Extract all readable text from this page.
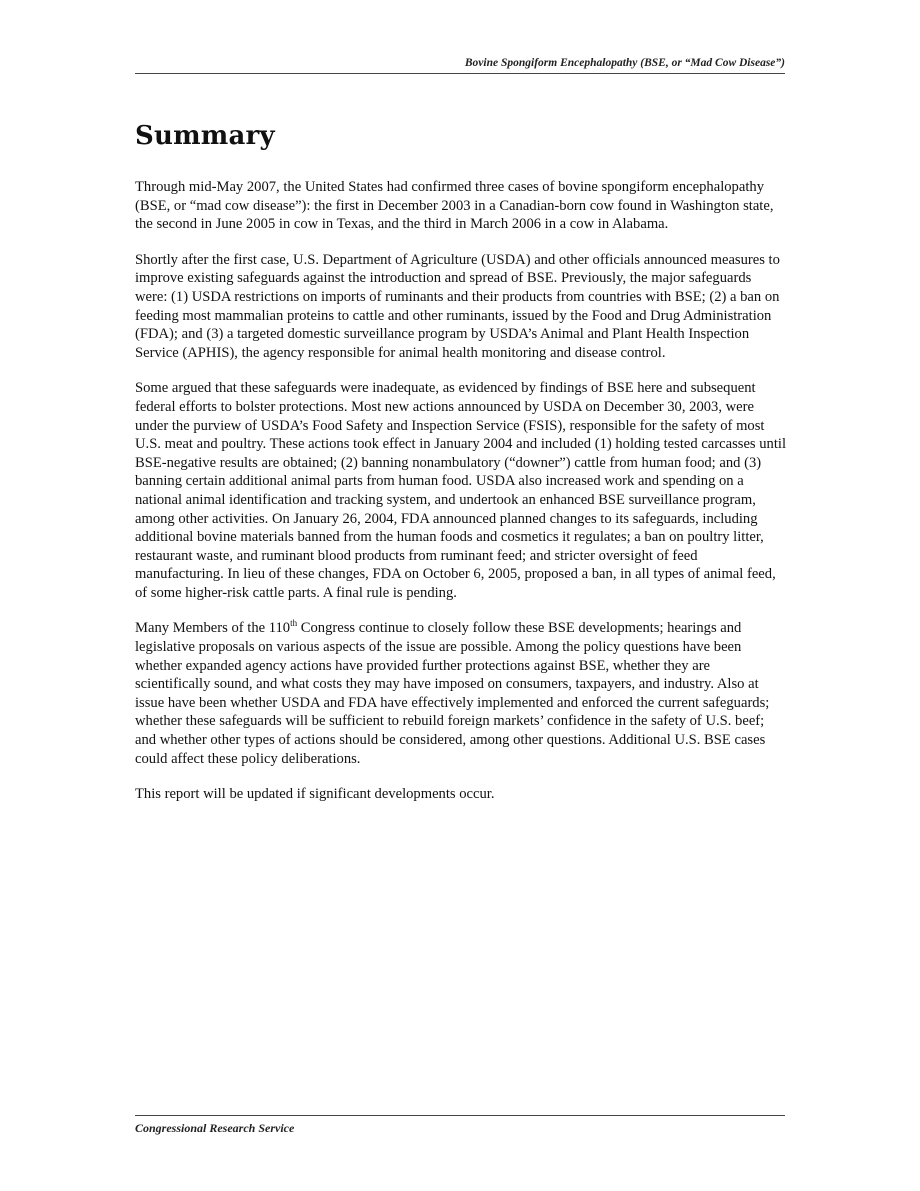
Bovine Spongiform Encephalopathy (BSE, or “Mad Cow Disease”)
Summary

Through mid-May 2007, the United States had confirmed three cases of bovine spongiform encephalopathy (BSE, or “mad cow disease”): the first in December 2003 in a Canadian-born cow found in Washington state, the second in June 2005 in cow in Texas, and the third in March 2006 in a cow in Alabama.

Shortly after the first case, U.S. Department of Agriculture (USDA) and other officials announced measures to improve existing safeguards against the introduction and spread of BSE. Previously, the major safeguards were: (1) USDA restrictions on imports of ruminants and their products from countries with BSE; (2) a ban on feeding most mammalian proteins to cattle and other ruminants, issued by the Food and Drug Administration (FDA); and (3) a targeted domestic surveillance program by USDA’s Animal and Plant Health Inspection Service (APHIS), the agency responsible for animal health monitoring and disease control.

Some argued that these safeguards were inadequate, as evidenced by findings of BSE here and subsequent federal efforts to bolster protections. Most new actions announced by USDA on December 30, 2003, were under the purview of USDA’s Food Safety and Inspection Service (FSIS), responsible for the safety of most U.S. meat and poultry. These actions took effect in January 2004 and included (1) holding tested carcasses until BSE-negative results are obtained; (2) banning nonambulatory (“downer”) cattle from human food; and (3) banning certain additional animal parts from human food. USDA also increased work and spending on a national animal identification and tracking system, and undertook an enhanced BSE surveillance program, among other activities. On January 26, 2004, FDA announced planned changes to its safeguards, including additional bovine materials banned from the human foods and cosmetics it regulates; a ban on poultry litter, restaurant waste, and ruminant blood products from ruminant feed; and stricter oversight of feed manufacturing. In lieu of these changes, FDA on October 6, 2005, proposed a ban, in all types of animal feed, of some higher-risk cattle parts. A final rule is pending.

Many Members of the 110th Congress continue to closely follow these BSE developments; hearings and legislative proposals on various aspects of the issue are possible. Among the policy questions have been whether expanded agency actions have provided further protections against BSE, whether they are scientifically sound, and what costs they may have imposed on consumers, taxpayers, and industry. Also at issue have been whether USDA and FDA have effectively implemented and enforced the current safeguards; whether these safeguards will be sufficient to rebuild foreign markets’ confidence in the safety of U.S. beef; and whether other types of actions should be considered, among other questions. Additional U.S. BSE cases could affect these policy deliberations.

This report will be updated if significant developments occur.

Congressional Research Service
